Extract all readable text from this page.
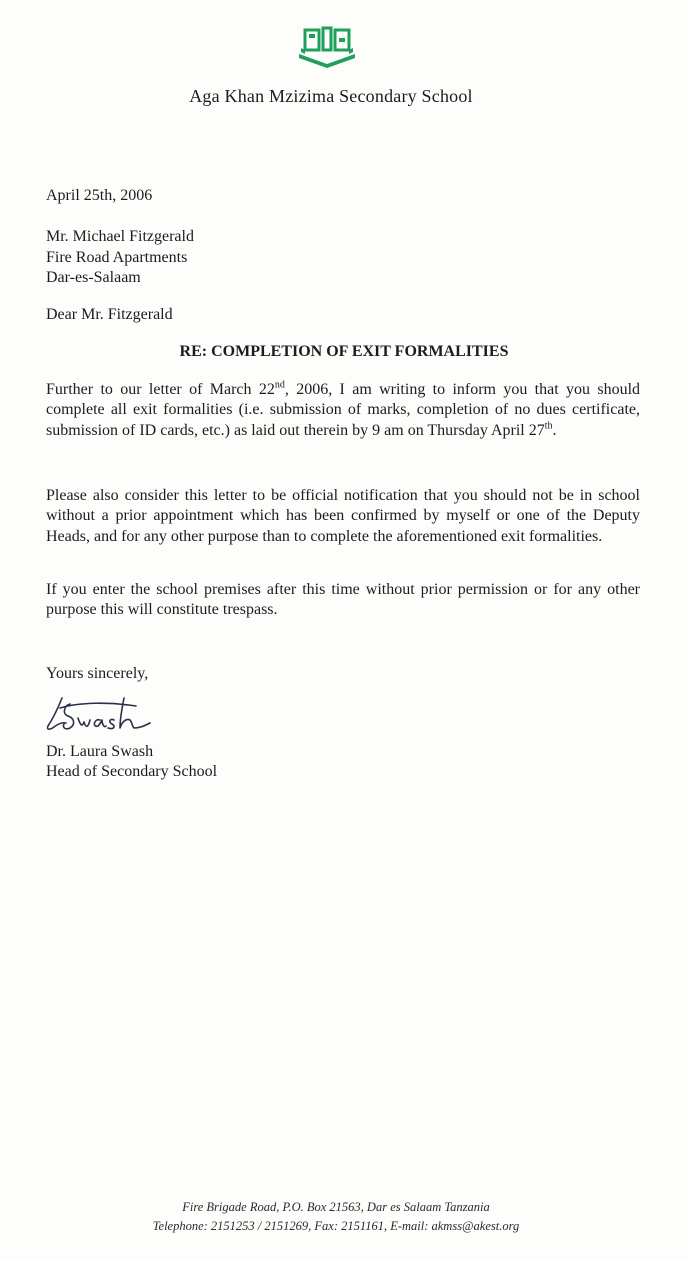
Aga Khan Mzizima Secondary School
April 25th, 2006
Mr. Michael Fitzgerald
Fire Road Apartments
Dar-es-Salaam
Dear Mr. Fitzgerald
RE: COMPLETION OF EXIT FORMALITIES
Further to our letter of March 22nd, 2006, I am writing to inform you that you should complete all exit formalities (i.e. submission of marks, completion of no dues certificate, submission of ID cards, etc.) as laid out therein by 9 am on Thursday April 27th.
Please also consider this letter to be official notification that you should not be in school without a prior appointment which has been confirmed by myself or one of the Deputy Heads, and for any other purpose than to complete the aforementioned exit formalities.
If you enter the school premises after this time without prior permission or for any other purpose this will constitute trespass.
Yours sincerely,
Dr. Laura Swash
Head of Secondary School
Fire Brigade Road, P.O. Box 21563, Dar es Salaam Tanzania
Telephone: 2151253 / 2151269, Fax: 2151161, E-mail: akmss@akest.org
